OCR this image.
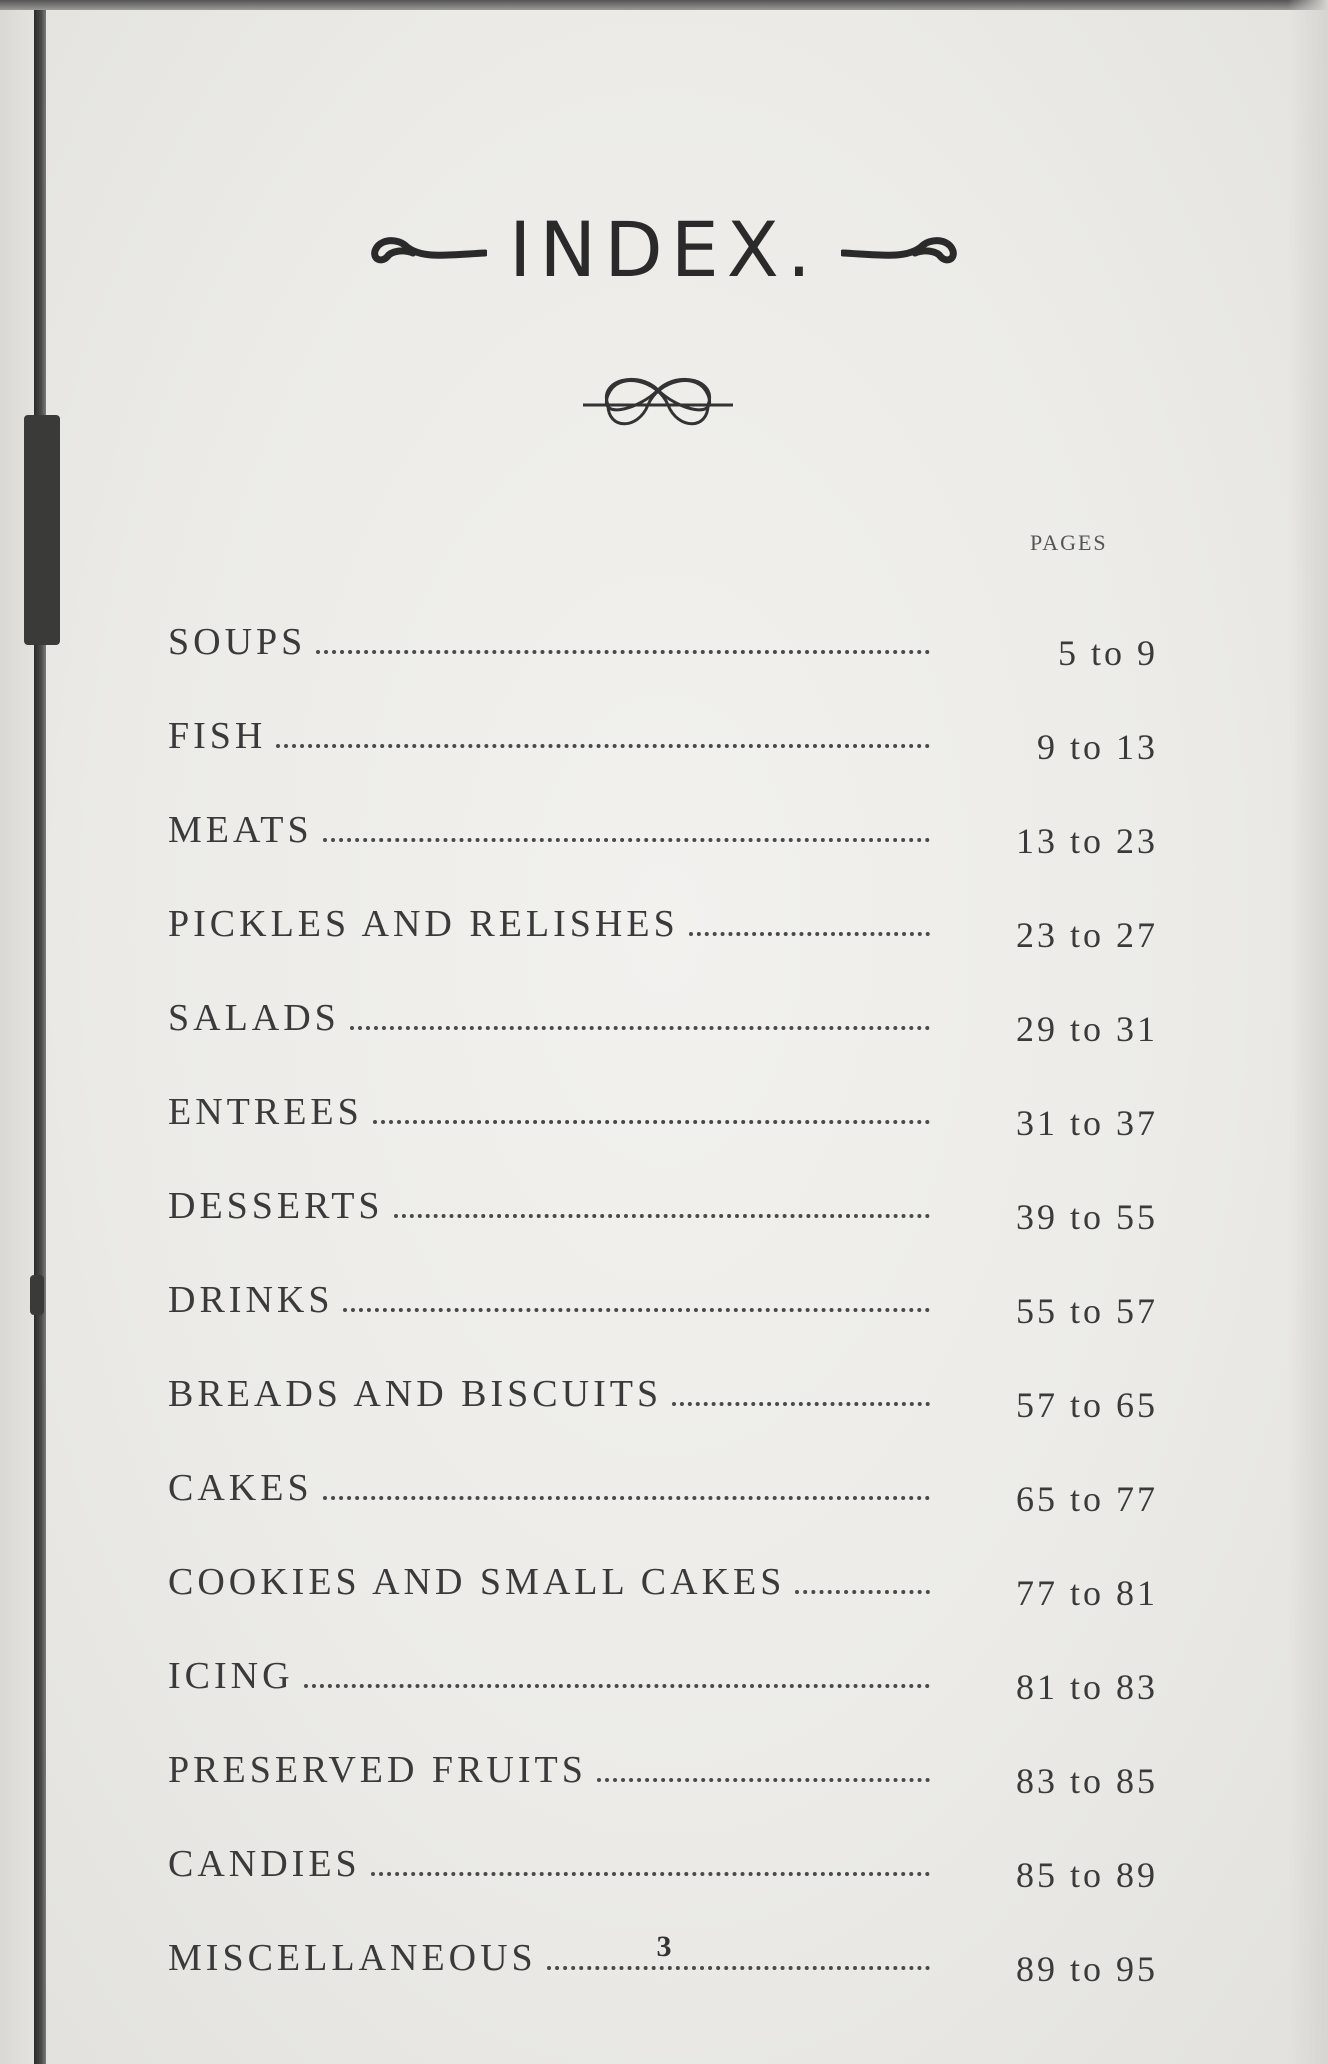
INDEX.
PAGES
SOUPS	5 to 9
FISH	9 to 13
MEATS	13 to 23
PICKLES AND RELISHES	23 to 27
SALADS	29 to 31
ENTREES	31 to 37
DESSERTS	39 to 55
DRINKS	55 to 57
BREADS AND BISCUITS	57 to 65
CAKES	65 to 77
COOKIES AND SMALL CAKES	77 to 81
ICING	81 to 83
PRESERVED FRUITS	83 to 85
CANDIES	85 to 89
MISCELLANEOUS	89 to 95
3
